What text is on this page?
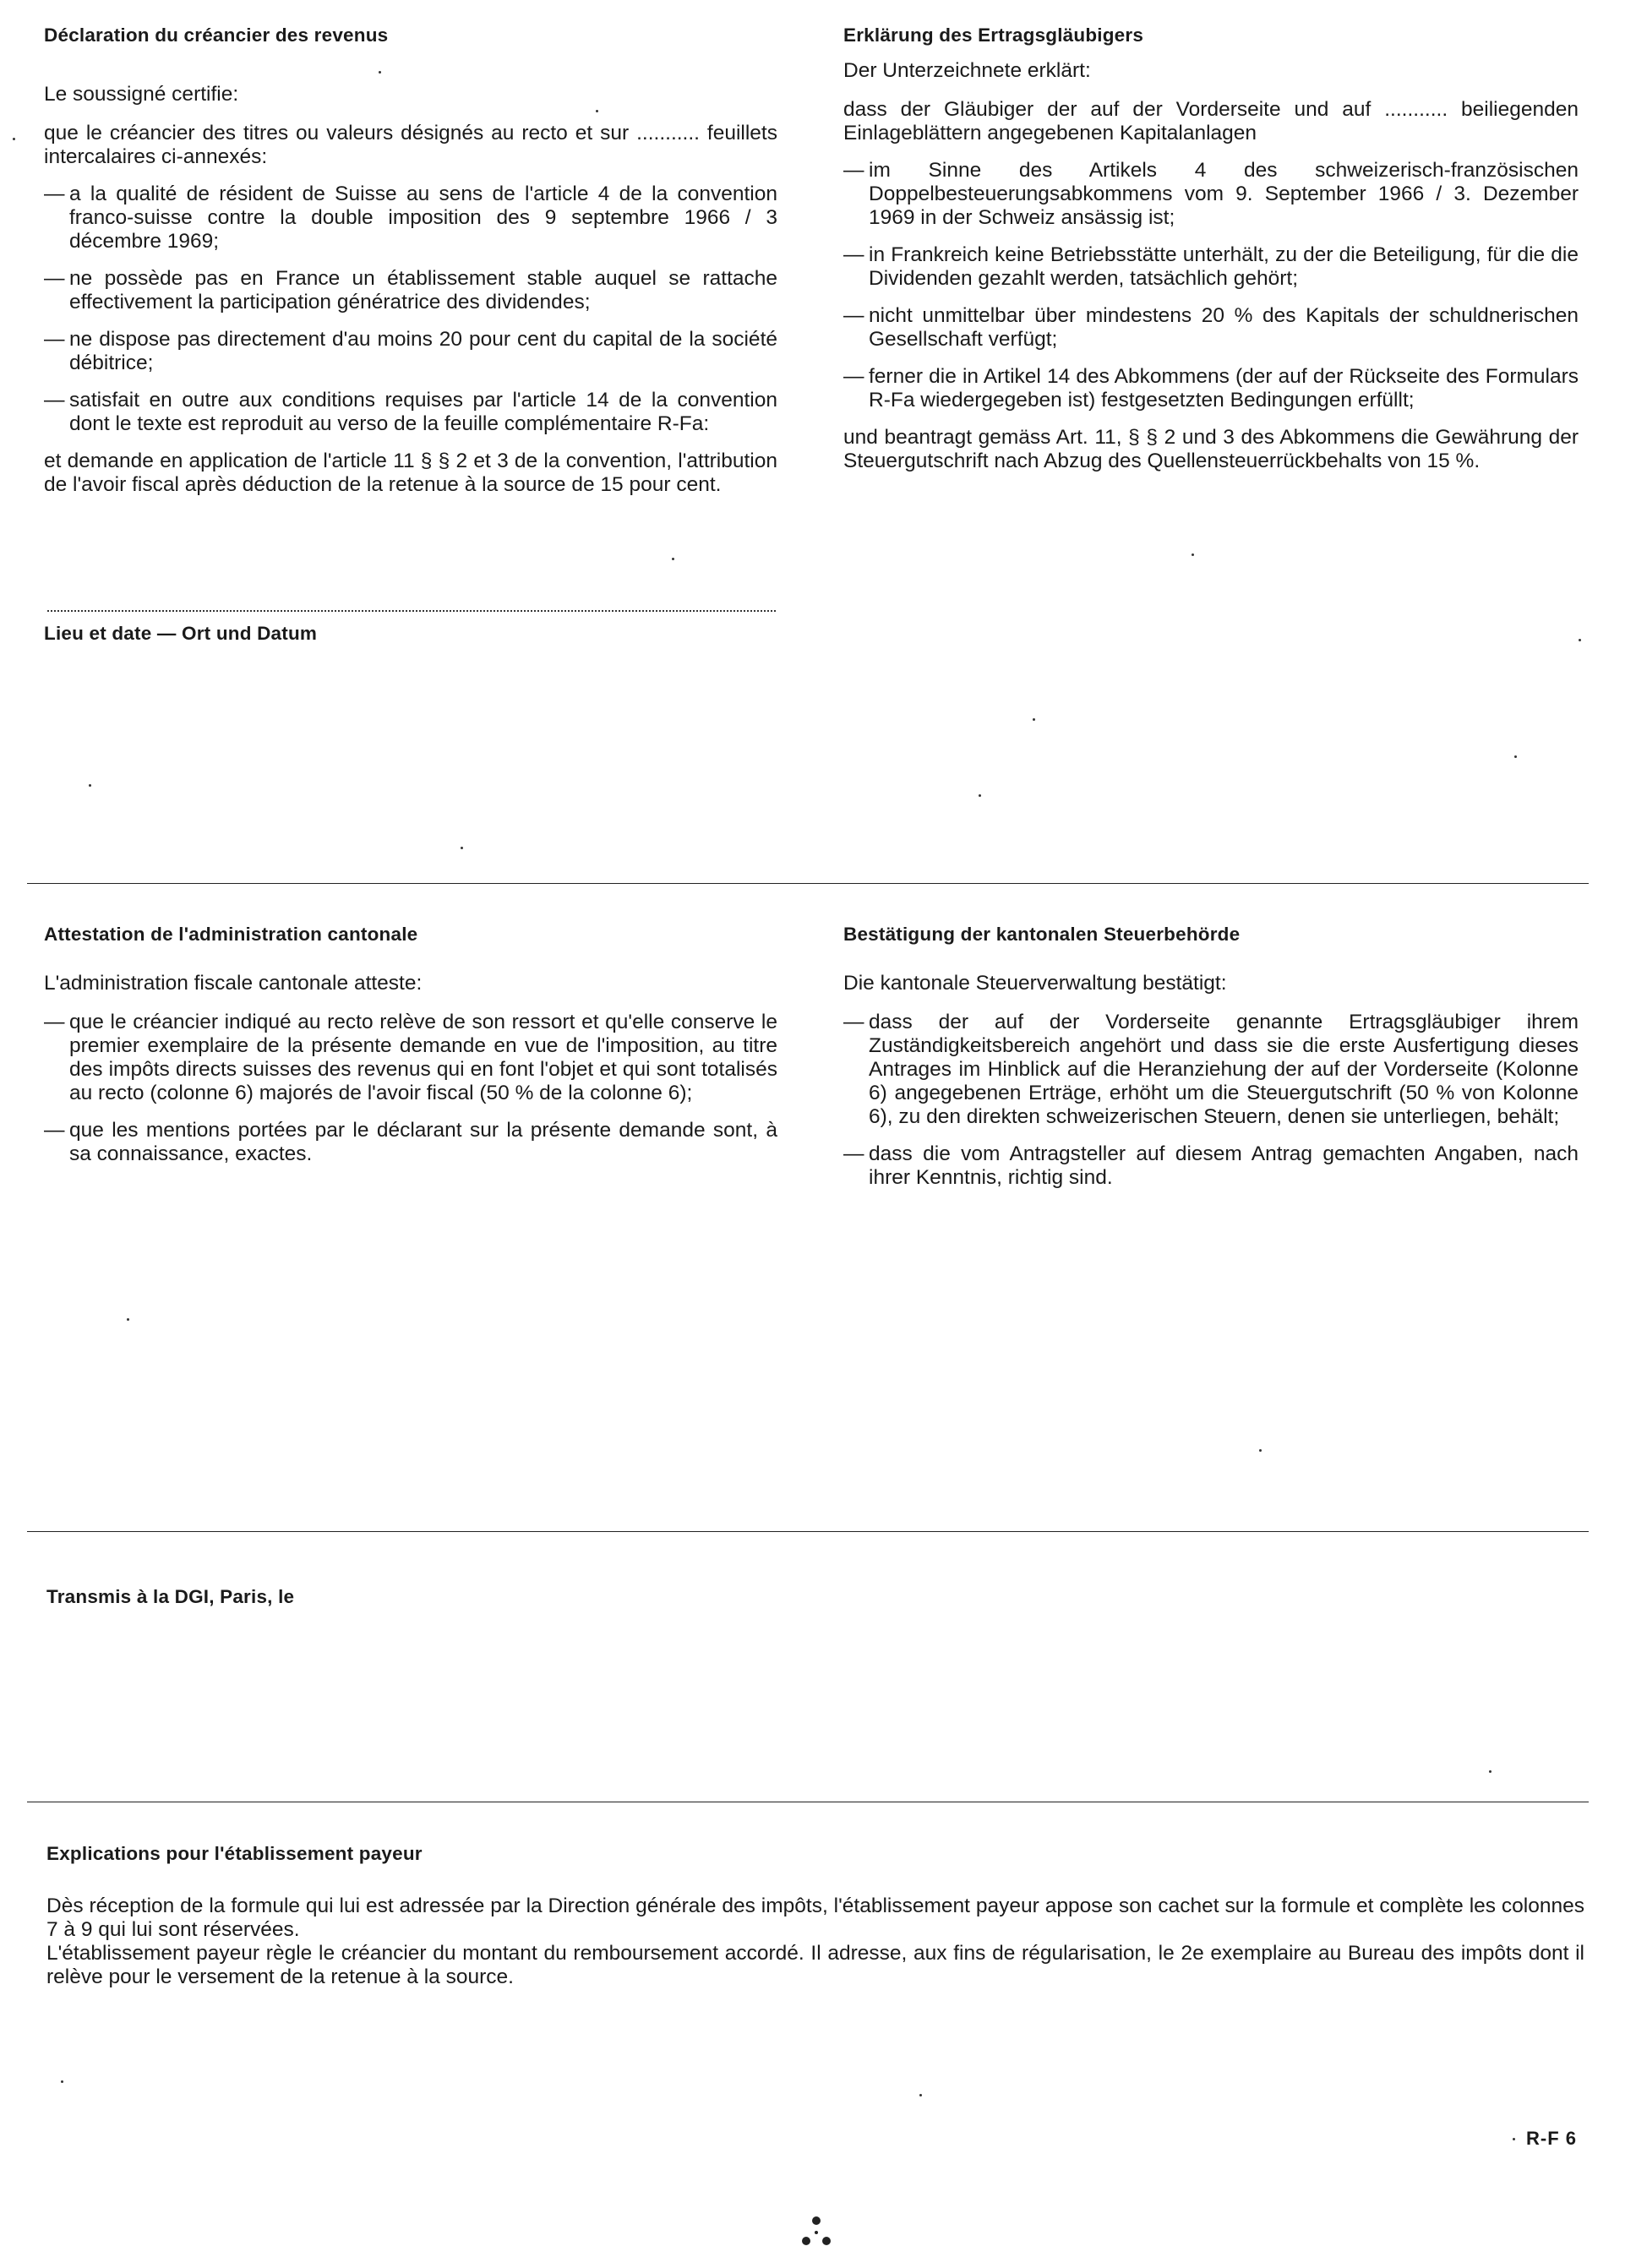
Déclaration du créancier des revenus
Le soussigné certifie:
que le créancier des titres ou valeurs désignés au recto et sur ........... feuillets intercalaires ci-annexés:
— a la qualité de résident de Suisse au sens de l'article 4 de la convention franco-suisse contre la double imposition des 9 septembre 1966 / 3 décembre 1969;
— ne possède pas en France un établissement stable auquel se rattache effectivement la participation génératrice des dividendes;
— ne dispose pas directement d'au moins 20 pour cent du capital de la société débitrice;
— satisfait en outre aux conditions requises par l'article 14 de la convention dont le texte est reproduit au verso de la feuille complémentaire R-Fa:
et demande en application de l'article 11 § § 2 et 3 de la convention, l'attribution de l'avoir fiscal après déduction de la retenue à la source de 15 pour cent.
Lieu et date — Ort und Datum
Erklärung des Ertragsgläubigers
Der Unterzeichnete erklärt:
dass der Gläubiger der auf der Vorderseite und auf ........... beiliegenden Einlageblättern angegebenen Kapitalanlagen
— im Sinne des Artikels 4 des schweizerisch-französischen Doppelbesteuerungsabkommens vom 9. September 1966 / 3. Dezember 1969 in der Schweiz ansässig ist;
— in Frankreich keine Betriebsstätte unterhält, zu der die Beteiligung, für die die Dividenden gezahlt werden, tatsächlich gehört;
— nicht unmittelbar über mindestens 20 % des Kapitals der schuldnerischen Gesellschaft verfügt;
— ferner die in Artikel 14 des Abkommens (der auf der Rückseite des Formulars R-Fa wiedergegeben ist) festgesetzten Bedingungen erfüllt;
und beantragt gemäss Art. 11, § § 2 und 3 des Abkommens die Gewährung der Steuergutschrift nach Abzug des Quellensteuerrückbehalts von 15 %.
Attestation de l'administration cantonale
L'administration fiscale cantonale atteste:
— que le créancier indiqué au recto relève de son ressort et qu'elle conserve le premier exemplaire de la présente demande en vue de l'imposition, au titre des impôts directs suisses des revenus qui en font l'objet et qui sont totalisés au recto (colonne 6) majorés de l'avoir fiscal (50 % de la colonne 6);
— que les mentions portées par le déclarant sur la présente demande sont, à sa connaissance, exactes.
Bestätigung der kantonalen Steuerbehörde
Die kantonale Steuerverwaltung bestätigt:
— dass der auf der Vorderseite genannte Ertragsgläubiger ihrem Zuständigkeitsbereich angehört und dass sie die erste Ausfertigung dieses Antrages im Hinblick auf die Heranziehung der auf der Vorderseite (Kolonne 6) angegebenen Erträge, erhöht um die Steuergutschrift (50 % von Kolonne 6), zu den direkten schweizerischen Steuern, denen sie unterliegen, behält;
— dass die vom Antragsteller auf diesem Antrag gemachten Angaben, nach ihrer Kenntnis, richtig sind.
Transmis à la DGI, Paris, le
Explications pour l'établissement payeur
Dès réception de la formule qui lui est adressée par la Direction générale des impôts, l'établissement payeur appose son cachet sur la formule et complète les colonnes 7 à 9 qui lui sont réservées.
L'établissement payeur règle le créancier du montant du remboursement accordé. Il adresse, aux fins de régularisation, le 2e exemplaire au Bureau des impôts dont il relève pour le versement de la retenue à la source.
R-F 6
